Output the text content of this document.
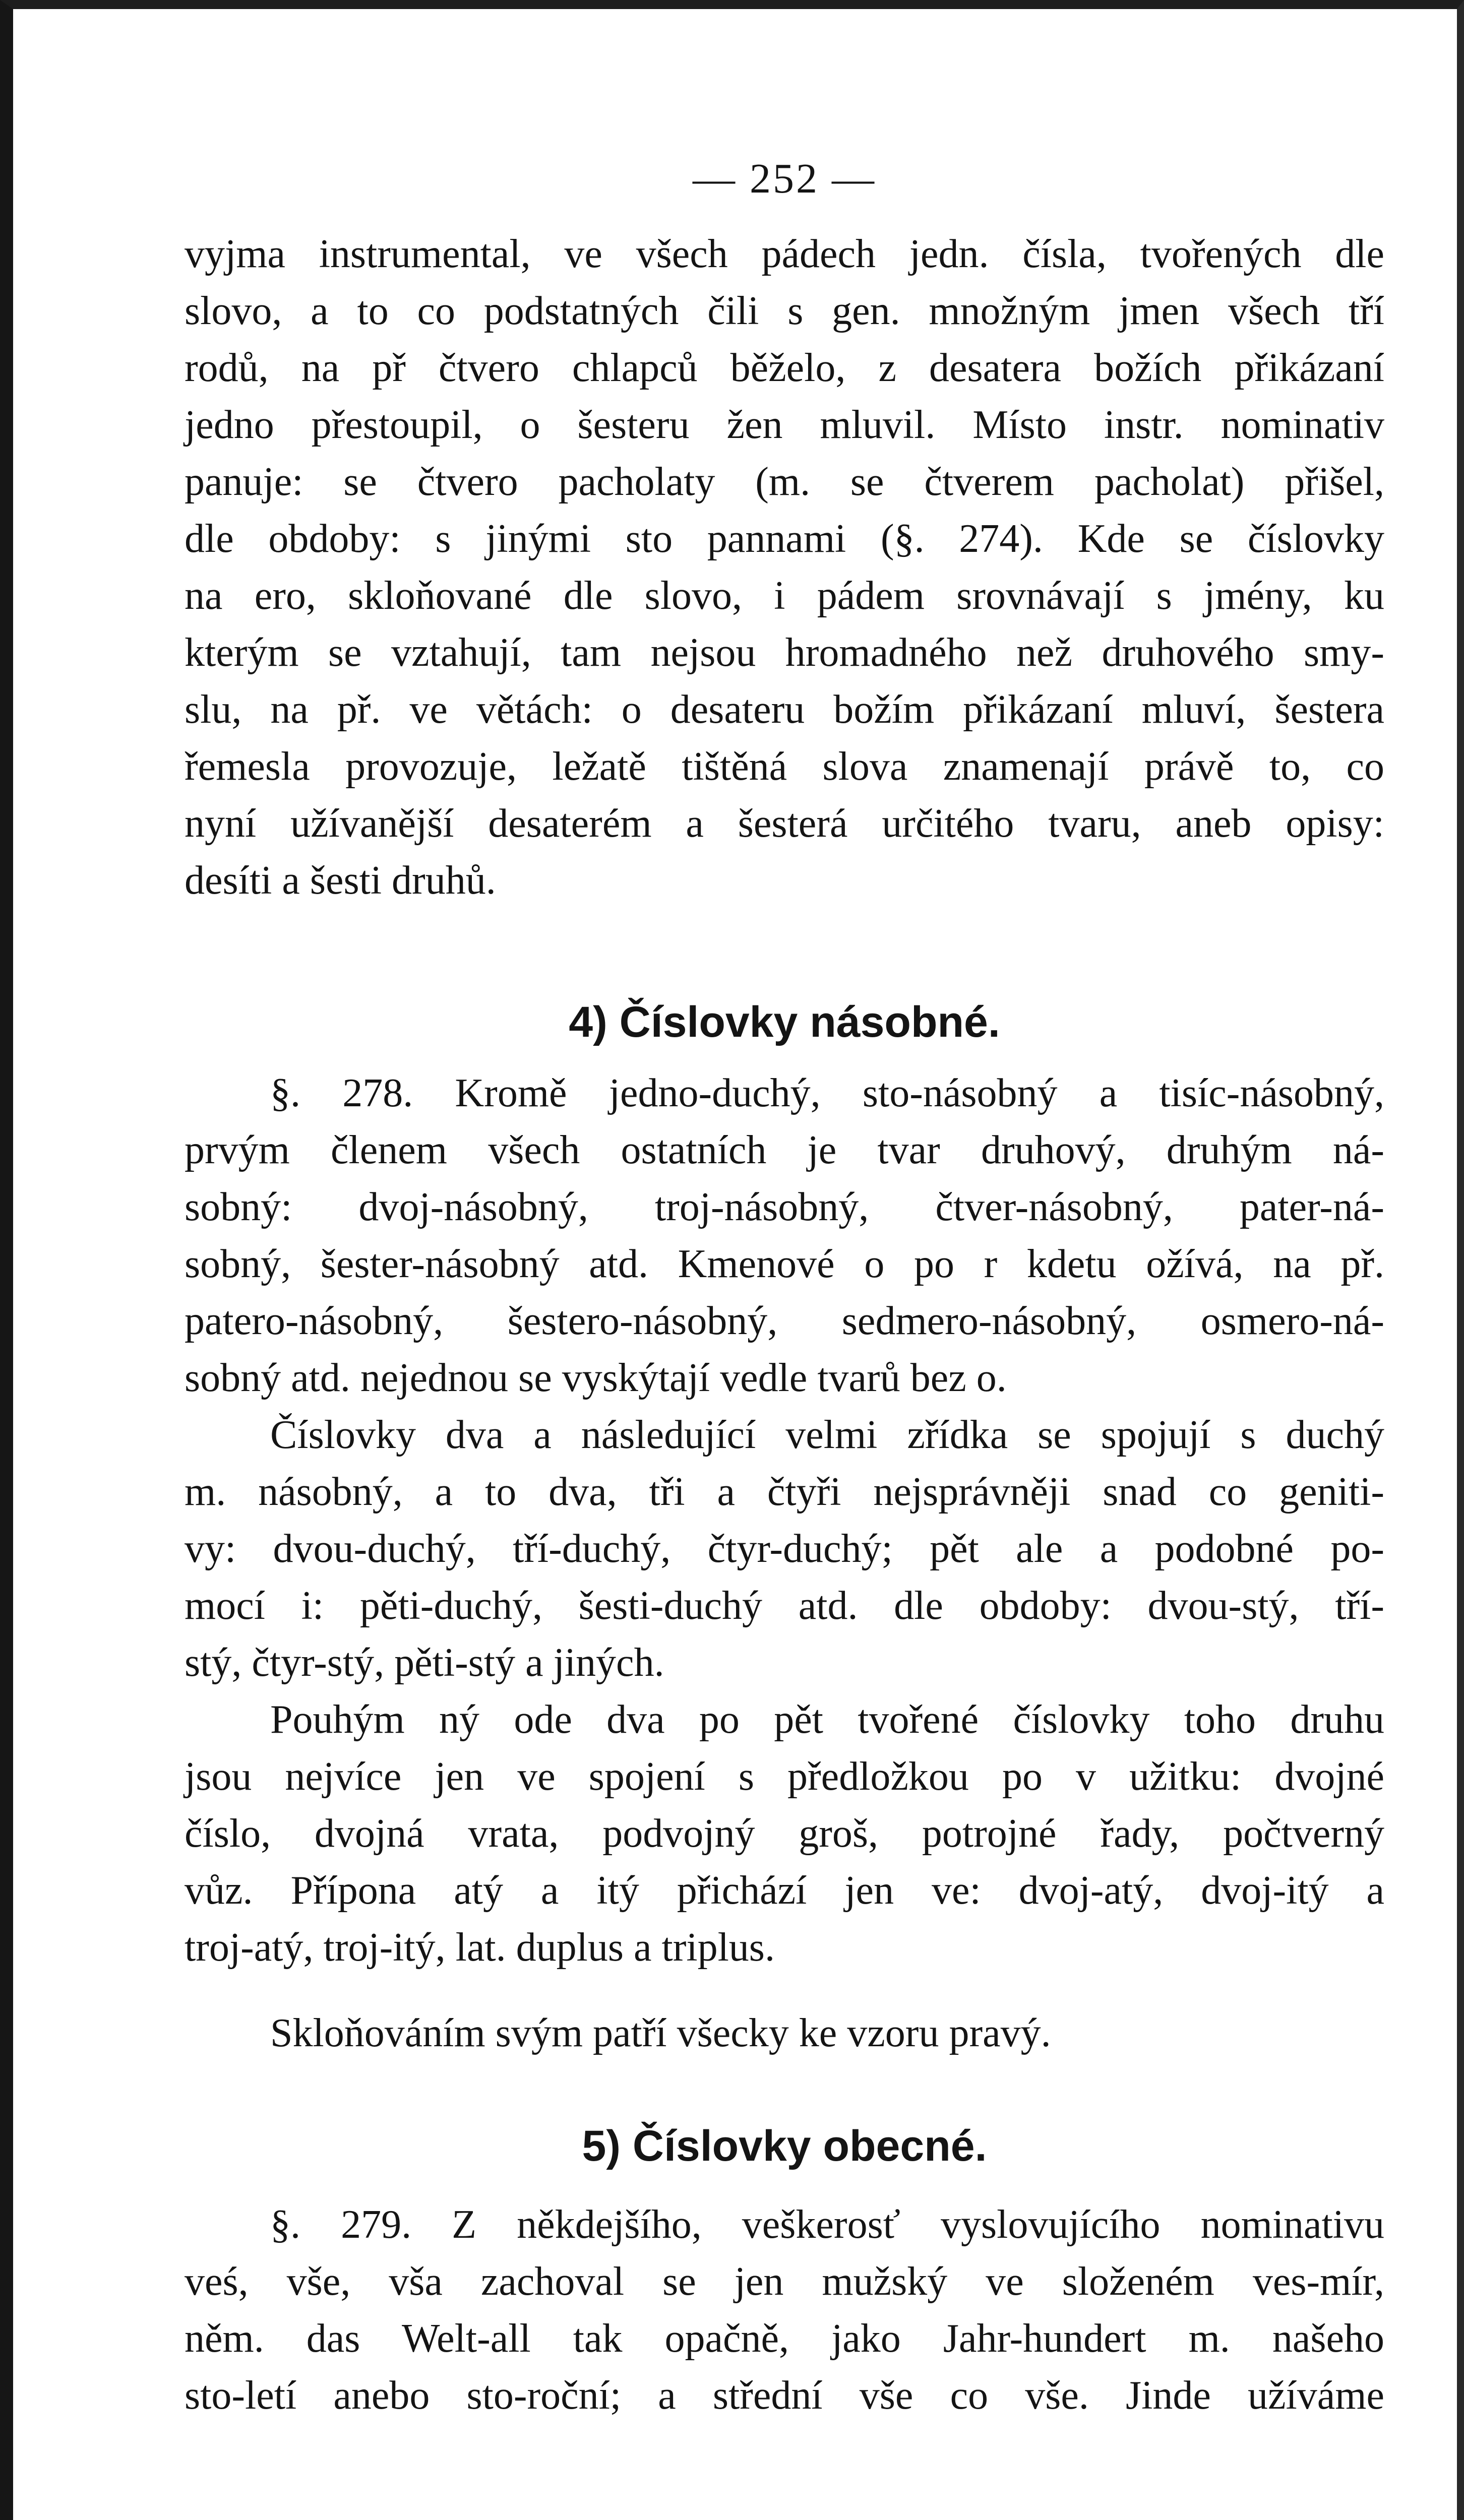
— 252 —
vyjma instrumental, ve všech pádech jedn. čísla, tvořených dle
slovo, a to co podstatných čili s gen. množným jmen všech tří
rodů, na př čtvero chlapců běželo, z desatera božích přikázaní
jedno přestoupil, o šesteru žen mluvil. Místo instr. nominativ
panuje: se čtvero pacholaty (m. se čtverem pacholat) přišel,
dle obdoby: s jinými sto pannami (§. 274). Kde se číslovky
na ero, skloňované dle slovo, i pádem srovnávají s jmény, ku
kterým se vztahují, tam nejsou hromadného než druhového smy-
slu, na př. ve větách: o desateru božím přikázaní mluví, šestera
řemesla provozuje, ležatě tištěná slova znamenají právě to, co
nyní užívanější desaterém a šesterá určitého tvaru, aneb opisy:
desíti a šesti druhů.
4) Číslovky násobné.
§. 278. Kromě jedno-duchý, sto-násobný a tisíc-násobný,
prvým členem všech ostatních je tvar druhový, druhým ná-
sobný: dvoj-násobný, troj-násobný, čtver-násobný, pater-ná-
sobný, šester-násobný atd. Kmenové o po r kdetu ožívá, na př.
patero-násobný, šestero-násobný, sedmero-násobný, osmero-ná-
sobný atd. nejednou se vyskýtají vedle tvarů bez o.
Číslovky dva a následující velmi zřídka se spojují s duchý
m. násobný, a to dva, tři a čtyři nejsprávněji snad co geniti-
vy: dvou-duchý, tří-duchý, čtyr-duchý; pět ale a podobné po-
mocí i: pěti-duchý, šesti-duchý atd. dle obdoby: dvou-stý, tří-
stý, čtyr-stý, pěti-stý a jiných.
Pouhým ný ode dva po pět tvořené číslovky toho druhu
jsou nejvíce jen ve spojení s předložkou po v užitku: dvojné
číslo, dvojná vrata, podvojný groš, potrojné řady, počtverný
vůz. Přípona atý a itý přichází jen ve: dvoj-atý, dvoj-itý a
troj-atý, troj-itý, lat. duplus a triplus.
Skloňováním svým patří všecky ke vzoru pravý.
5) Číslovky obecné.
§. 279. Z někdejšího, veškerosť vyslovujícího nominativu
veś, vše, vša zachoval se jen mužský ve složeném ves-mír,
něm. das Welt-all tak opačně, jako Jahr-hundert m. našeho
sto-letí anebo sto-roční; a střední vše co vše. Jinde užíváme
